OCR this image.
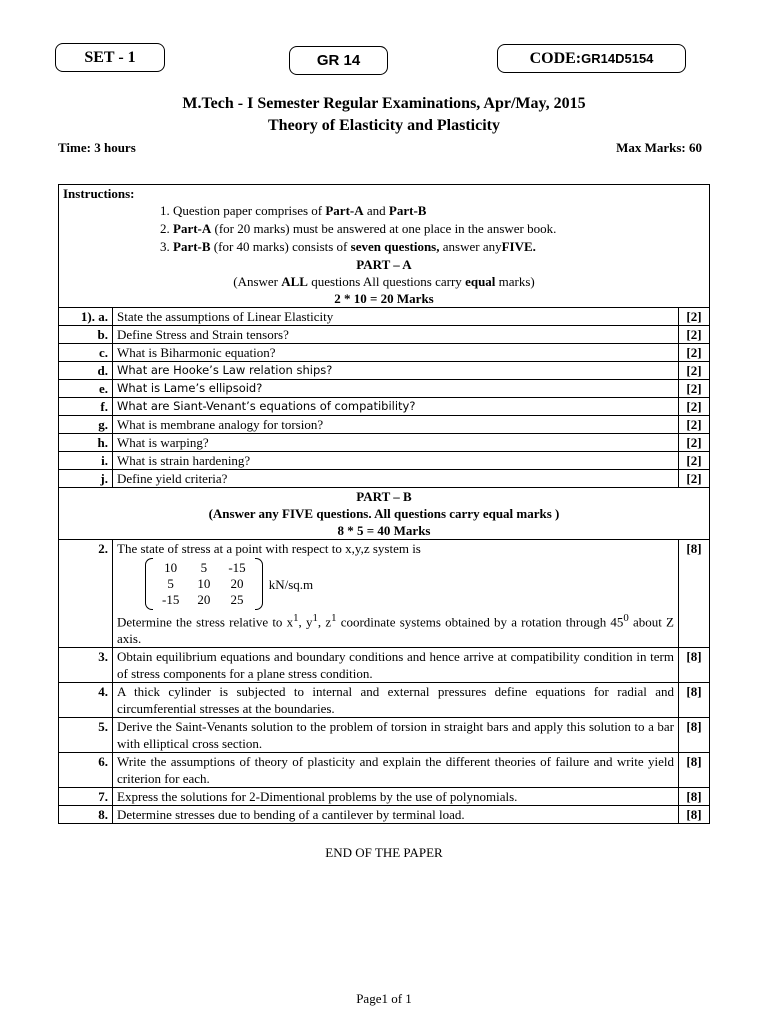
SET - 1	GR 14	CODE:GR14D5154
M.Tech - I Semester Regular Examinations, Apr/May, 2015
Theory of Elasticity and Plasticity
Time: 3 hours	Max Marks: 60
Instructions:
1. Question paper comprises of Part-A and Part-B
2. Part-A (for 20 marks) must be answered at one place in the answer book.
3. Part-B (for 40 marks) consists of seven questions, answer anyFIVE.
PART – A
(Answer ALL questions All questions carry equal marks)
2 * 10 = 20 Marks

1). a.	State the assumptions of Linear Elasticity	[2]
b.	Define Stress and Strain tensors?	[2]
c.	What is Biharmonic equation?	[2]
d.	What are Hooke’s Law relation ships?	[2]
e.	What is Lame’s ellipsoid?	[2]
f.	What are Siant-Venant’s equations of compatibility?	[2]
g.	What is membrane analogy for torsion?	[2]
h.	What is warping?	[2]
i.	What is strain hardening?	[2]
j.	Define yield criteria?	[2]

PART – B
(Answer any FIVE questions. All questions carry equal marks )
8 * 5 = 40 Marks

2.	The state of stress at a point with respect to x,y,z system is
10	5	-15
5	10	20
-15	20	25
kN/sq.m
Determine the stress relative to $x^1$, $y^1$, $z^1$ coordinate systems obtained by a rotation through $45^0$ about Z axis.
	[8]
3.	Obtain equilibrium equations and boundary conditions and hence arrive at compatibility condition in term of stress components for a plane stress condition.	[8]
4.	A thick cylinder is subjected to internal and external pressures define equations for radial and circumferential stresses at the boundaries.	[8]
5.	Derive the Saint-Venants solution to the problem of torsion in straight bars and apply this solution to a bar with elliptical cross section.	[8]
6.	Write the assumptions of theory of plasticity and explain the different theories of failure and write yield criterion for each.	[8]
7.	Express the solutions for 2-Dimentional problems by the use of polynomials.	[8]
8.	Determine stresses due to bending of a cantilever by terminal load.	[8]
END OF THE PAPER
Page1 of 1
